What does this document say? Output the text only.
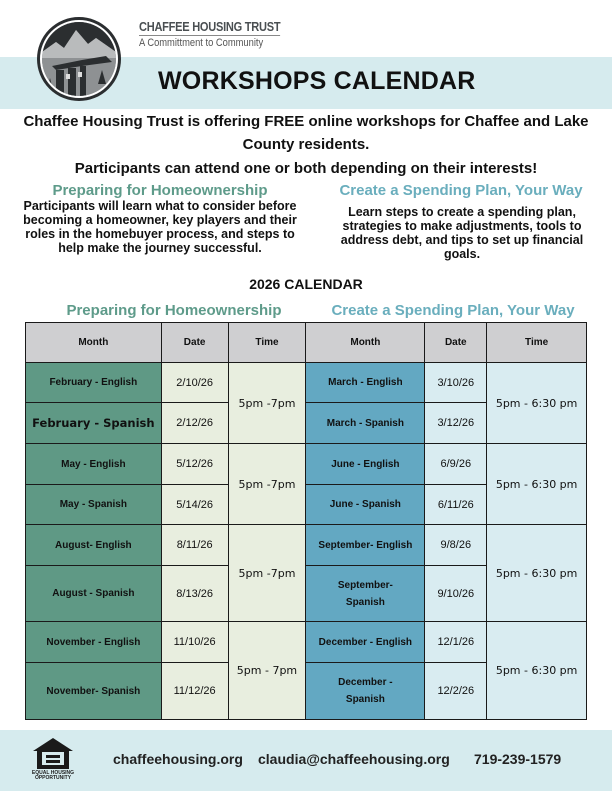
CHAFFEE HOUSING TRUST
A Committment to Community
WORKSHOPS CALENDAR
Chaffee Housing Trust is offering FREE online workshops for Chaffee and Lake
County residents.
Participants can attend one or both depending on their interests!
Preparing for Homeownership
Participants will learn what to consider before becoming a homeowner, key players and their roles in the homebuyer process, and steps to help make the journey successful.
Create a Spending Plan, Your Way
Learn steps to create a spending plan, strategies to make adjustments, tools to address debt, and tips to set up financial goals.
2026 CALENDAR
Preparing for Homeownership	Create a Spending Plan, Your Way
Month	Date	Time	Month	Date	Time
February - English	2/10/26	5pm -7pm	March - English	3/10/26	5pm - 6:30 pm
February - Spanish	2/12/26		March - Spanish	3/12/26	
May - English	5/12/26	5pm -7pm	June - English	6/9/26	5pm - 6:30 pm
May - Spanish	5/14/26		June - Spanish	6/11/26	
August- English	8/11/26	5pm -7pm	September- English	9/8/26	5pm - 6:30 pm
August - Spanish	8/13/26		September- Spanish	9/10/26	
November - English	11/10/26	5pm - 7pm	December - English	12/1/26	5pm - 6:30 pm
November- Spanish	11/12/26		December - Spanish	12/2/26	
EQUAL HOUSING
OPPORTUNITY
chaffeehousing.org claudia@chaffeehousing.org 719-239-1579
